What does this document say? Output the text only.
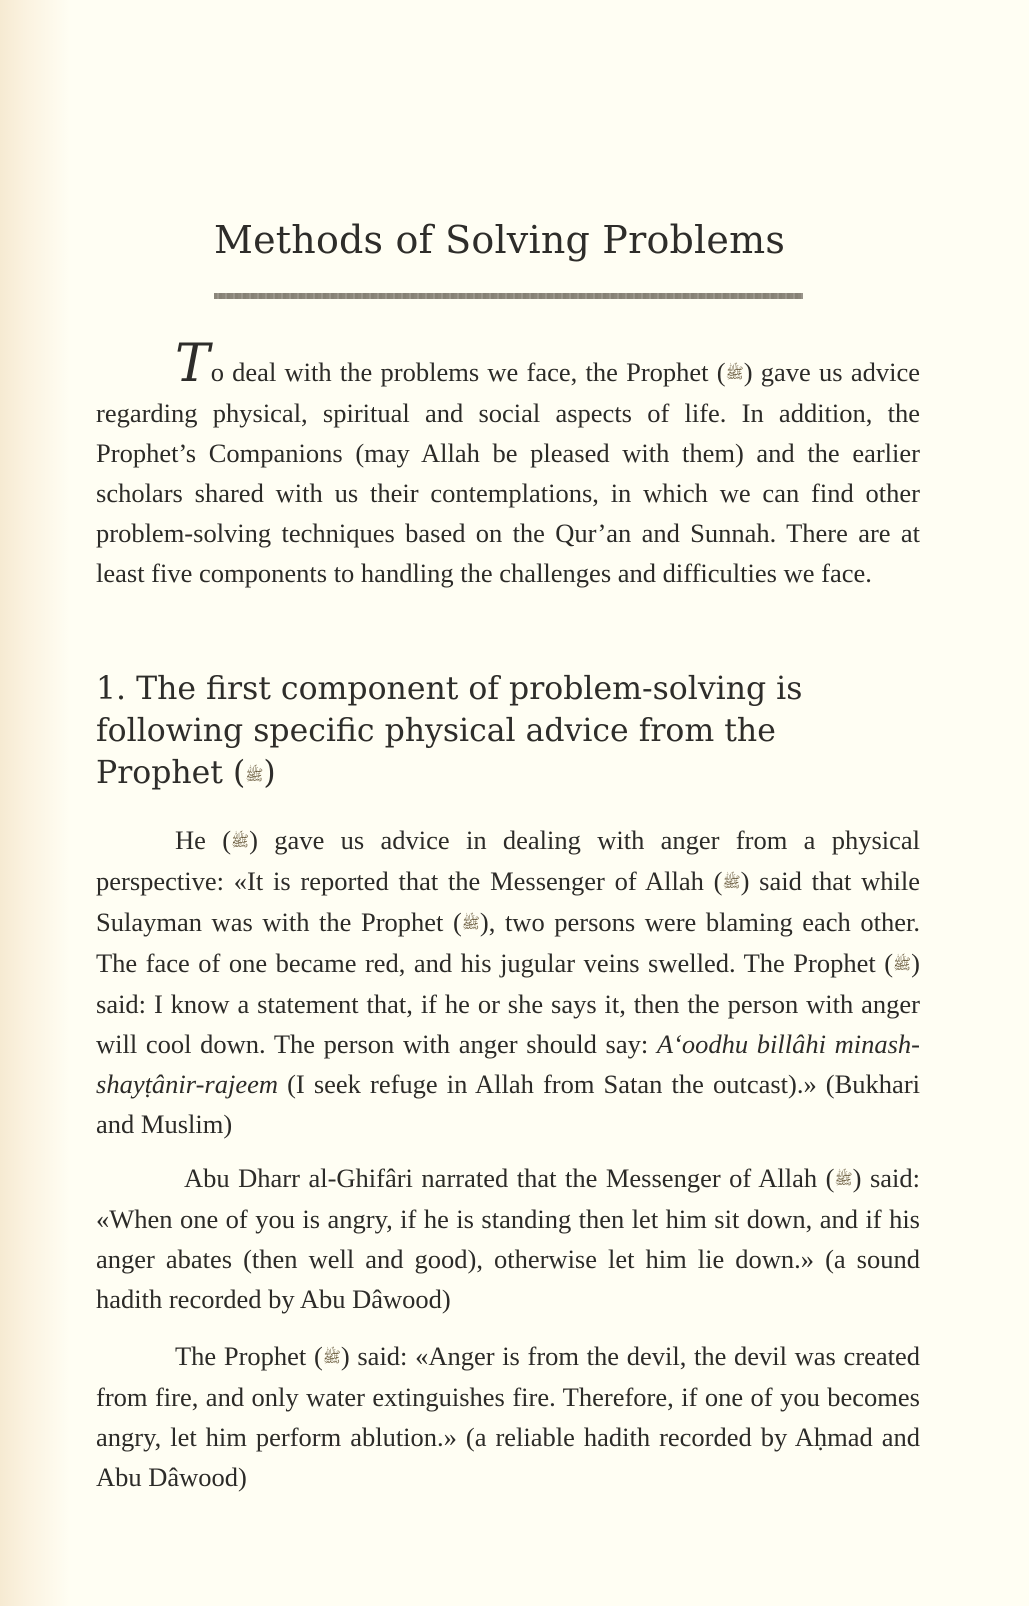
Methods of Solving Problems

To deal with the problems we face, the Prophet (ﷺ) gave us advice regarding physical, spiritual and social aspects of life. In addition, the Prophet’s Companions (may Allah be pleased with them) and the earlier scholars shared with us their contemplations, in which we can find other problem-solving techniques based on the Qur’an and Sunnah. There are at least five components to handling the challenges and difficulties we face.

1. The first component of problem-solving is following specific physical advice from the Prophet (ﷺ)

He (ﷺ) gave us advice in dealing with anger from a physical perspective: «It is reported that the Messenger of Allah (ﷺ) said that while Sulayman was with the Prophet (ﷺ), two persons were blaming each other. The face of one became red, and his jugular veins swelled. The Prophet (ﷺ) said: I know a statement that, if he or she says it, then the person with anger will cool down. The person with anger should say: A‘oodhu billâhi minash-shayṭânir-rajeem (I seek refuge in Allah from Satan the outcast).» (Bukhari and Muslim)

Abu Dharr al-Ghifâri narrated that the Messenger of Allah (ﷺ) said: «When one of you is angry, if he is standing then let him sit down, and if his anger abates (then well and good), otherwise let him lie down.» (a sound hadith recorded by Abu Dâwood)

The Prophet (ﷺ) said: «Anger is from the devil, the devil was created from fire, and only water extinguishes fire. Therefore, if one of you becomes angry, let him perform ablution.» (a reliable hadith recorded by Aḥmad and Abu Dâwood)
